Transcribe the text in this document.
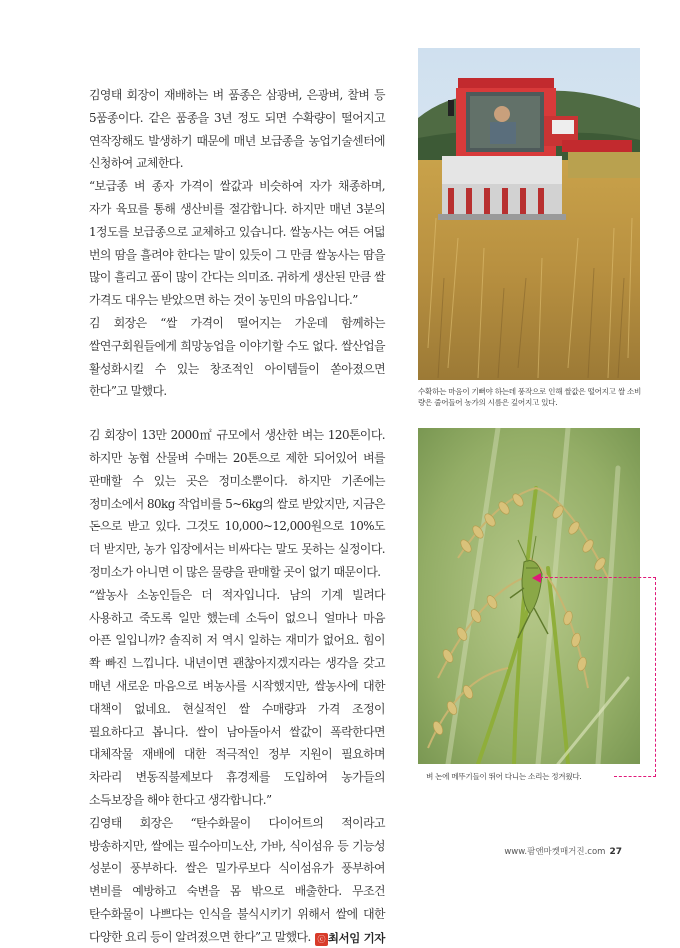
김영태 회장이 재배하는 벼 품종은 삼광벼, 은광벼, 찰벼 등 5품종이다. 같은 품종을 3년 정도 되면 수확량이 떨어지고 연작장해도 발생하기 때문에 매년 보급종을 농업기술센터에 신청하여 교체한다.

“보급종 벼 종자 가격이 쌀값과 비슷하여 자가 채종하며, 자가 육묘를 통해 생산비를 절감합니다. 하지만 매년 3분의 1정도를 보급종으로 교체하고 있습니다. 쌀농사는 여든 여덟 번의 땀을 흘려야 한다는 말이 있듯이 그 만큼 쌀농사는 땀을 많이 흘리고 품이 많이 간다는 의미죠. 귀하게 생산된 만큼 쌀 가격도 대우는 받았으면 하는 것이 농민의 마음입니다.”

김 회장은 “쌀 가격이 떨어지는 가운데 함께하는 쌀연구회원들에게 희망농업을 이야기할 수도 없다. 쌀산업을 활성화시킬 수 있는 창조적인 아이템들이 쏟아졌으면 한다”고 말했다.

김 회장이 13만 2000㎡ 규모에서 생산한 벼는 120톤이다. 하지만 농협 산물벼 수매는 20톤으로 제한 되어있어 벼를 판매할 수 있는 곳은 정미소뿐이다. 하지만 기존에는 정미소에서 80kg 작업비를 5~6kg의 쌀로 받았지만, 지금은 돈으로 받고 있다. 그것도 10,000~12,000원으로 10%도 더 받지만, 농가 입장에서는 비싸다는 말도 못하는 실정이다. 정미소가 아니면 이 많은 물량을 판매할 곳이 없기 때문이다.

“쌀농사 소농인들은 더 적자입니다. 남의 기계 빌려다 사용하고 죽도록 일만 했는데 소득이 없으니 얼마나 마음 아픈 일입니까? 솔직히 저 역시 일하는 재미가 없어요. 힘이 쫙 빠진 느낍니다. 내년이면 괜찮아지겠지라는 생각을 갖고 매년 새로운 마음으로 벼농사를 시작했지만, 쌀농사에 대한 대책이 없네요. 현실적인 쌀 수매량과 가격 조정이 필요하다고 봅니다. 쌀이 남아돌아서 쌀값이 폭락한다면 대체작물 재배에 대한 적극적인 정부 지원이 필요하며 차라리 변동직불제보다 휴경제를 도입하여 농가들의 소득보장을 해야 한다고 생각합니다.”

김영태 회장은 “탄수화물이 다이어트의 적이라고 방송하지만, 쌀에는 필수아미노산, 가바, 식이섬유 등 기능성 성분이 풍부하다. 쌀은 밀가루보다 식이섬유가 풍부하여 변비를 예방하고 숙변을 몸 밖으로 배출한다. 무조건 탄수화물이 나쁘다는 인식을 불식시키기 위해서 쌀에 대한 다양한 요리 등이 알려졌으면 한다”고 말했다. ⓒ 최서임 기자
수확하는 마음이 기뻐야 하는데 풍작으로 인해 쌀값은 떨어지고 쌀 소비량은 줄어들어 농가의 시름은 깊어지고 있다.
벼 논에 메뚜기들이 뛰어 다니는 소리는 정겨웠다.
www.팜앤마켓매거진.com 27
